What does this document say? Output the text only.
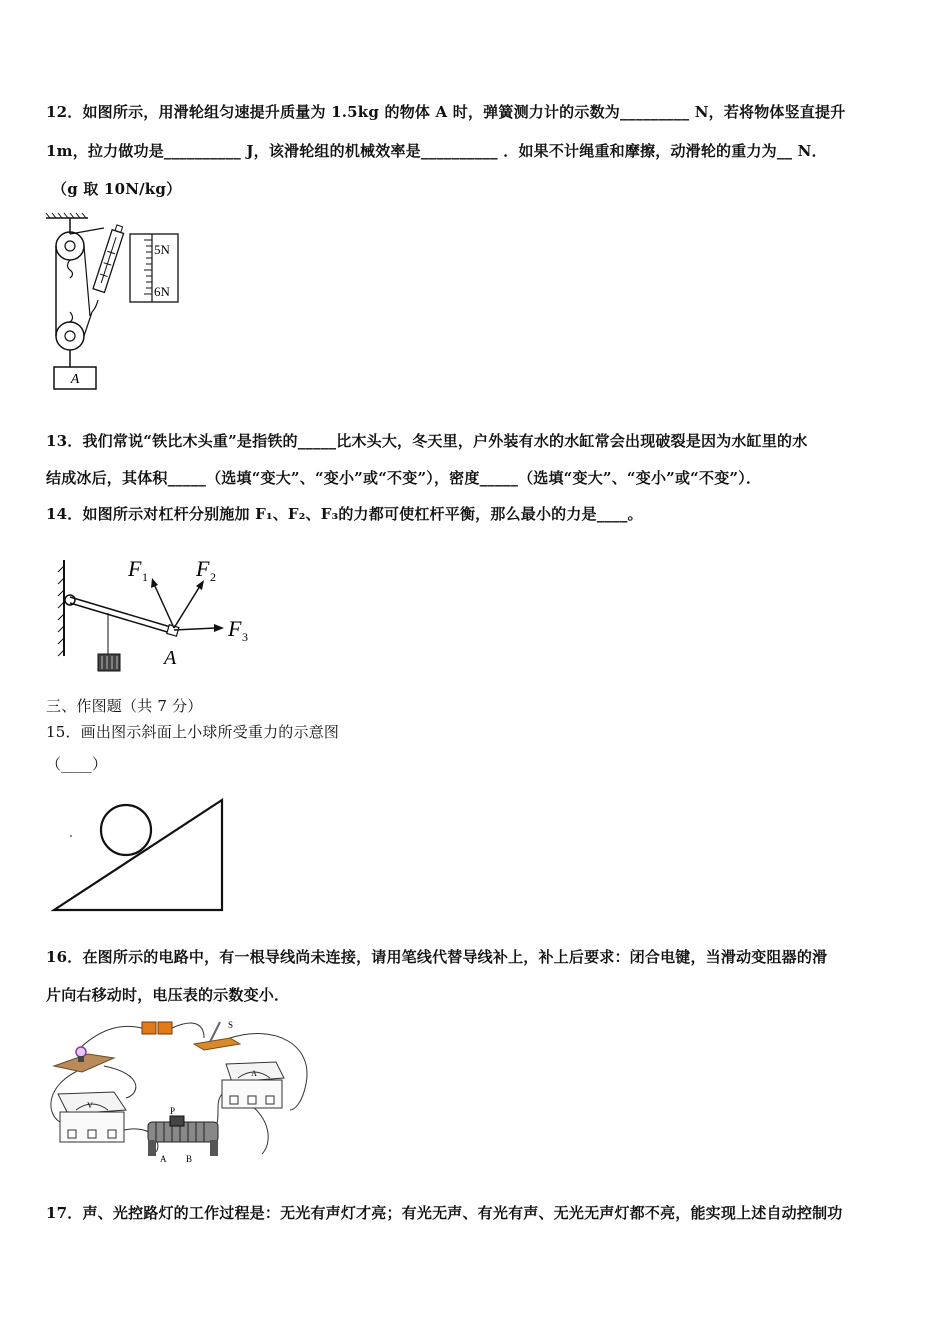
12．如图所示，用滑轮组匀速提升质量为 1.5kg 的物体 A 时，弹簧测力计的示数为_________ N，若将物体竖直提升
1m，拉力做功是__________ J，该滑轮组的机械效率是__________ ．如果不计绳重和摩擦，动滑轮的重力为__ N．
（g 取 10N/kg）
A
5N
6N
13．我们常说“铁比木头重”是指铁的_____比木头大，冬天里，户外装有水的水缸常会出现破裂是因为水缸里的水
结成冰后，其体积_____（选填“变大”、“变小”或“不变”），密度_____（选填“变大”、“变小”或“不变”）．
14．如图所示对杠杆分别施加 F₁、F₂、F₃的力都可使杠杆平衡，那么最小的力是____。
F 1 F 2
F 3
A
三、作图题（共 7 分）
15．画出图示斜面上小球所受重力的示意图
（____）
16．在图所示的电路中，有一根导线尚未连接，请用笔线代替导线补上，补上后要求：闭合电键，当滑动变阻器的滑
片向右移动时，电压表的示数变小．
S
V
A
P
A B
17．声、光控路灯的工作过程是：无光有声灯才亮；有光无声、有光有声、无光无声灯都不亮，能实现上述自动控制功
